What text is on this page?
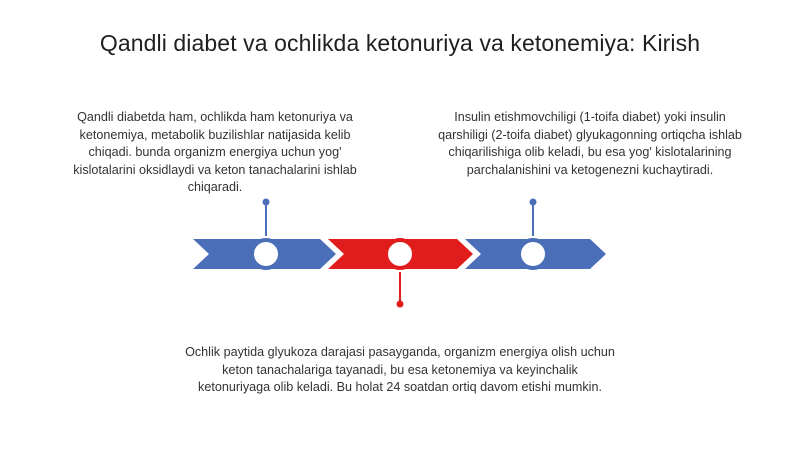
Qandli diabet va ochlikda ketonuriya va ketonemiya: Kirish
Qandli diabetda ham, ochlikda ham ketonuriya va
ketonemiya, metabolik buzilishlar natijasida kelib
chiqadi. bunda organizm energiya uchun yog'
kislotalarini oksidlaydi va keton tanachalarini ishlab
chiqaradi.
Insulin etishmovchiligi (1-toifa diabet) yoki insulin
qarshiligi (2-toifa diabet) glyukagonning ortiqcha ishlab
chiqarilishiga olib keladi, bu esa yog' kislotalarining
parchalanishini va ketogenezni kuchaytiradi.
Ochlik paytida glyukoza darajasi pasayganda, organizm energiya olish uchun
keton tanachalariga tayanadi, bu esa ketonemiya va keyinchalik
ketonuriyaga olib keladi. Bu holat 24 soatdan ortiq davom etishi mumkin.
